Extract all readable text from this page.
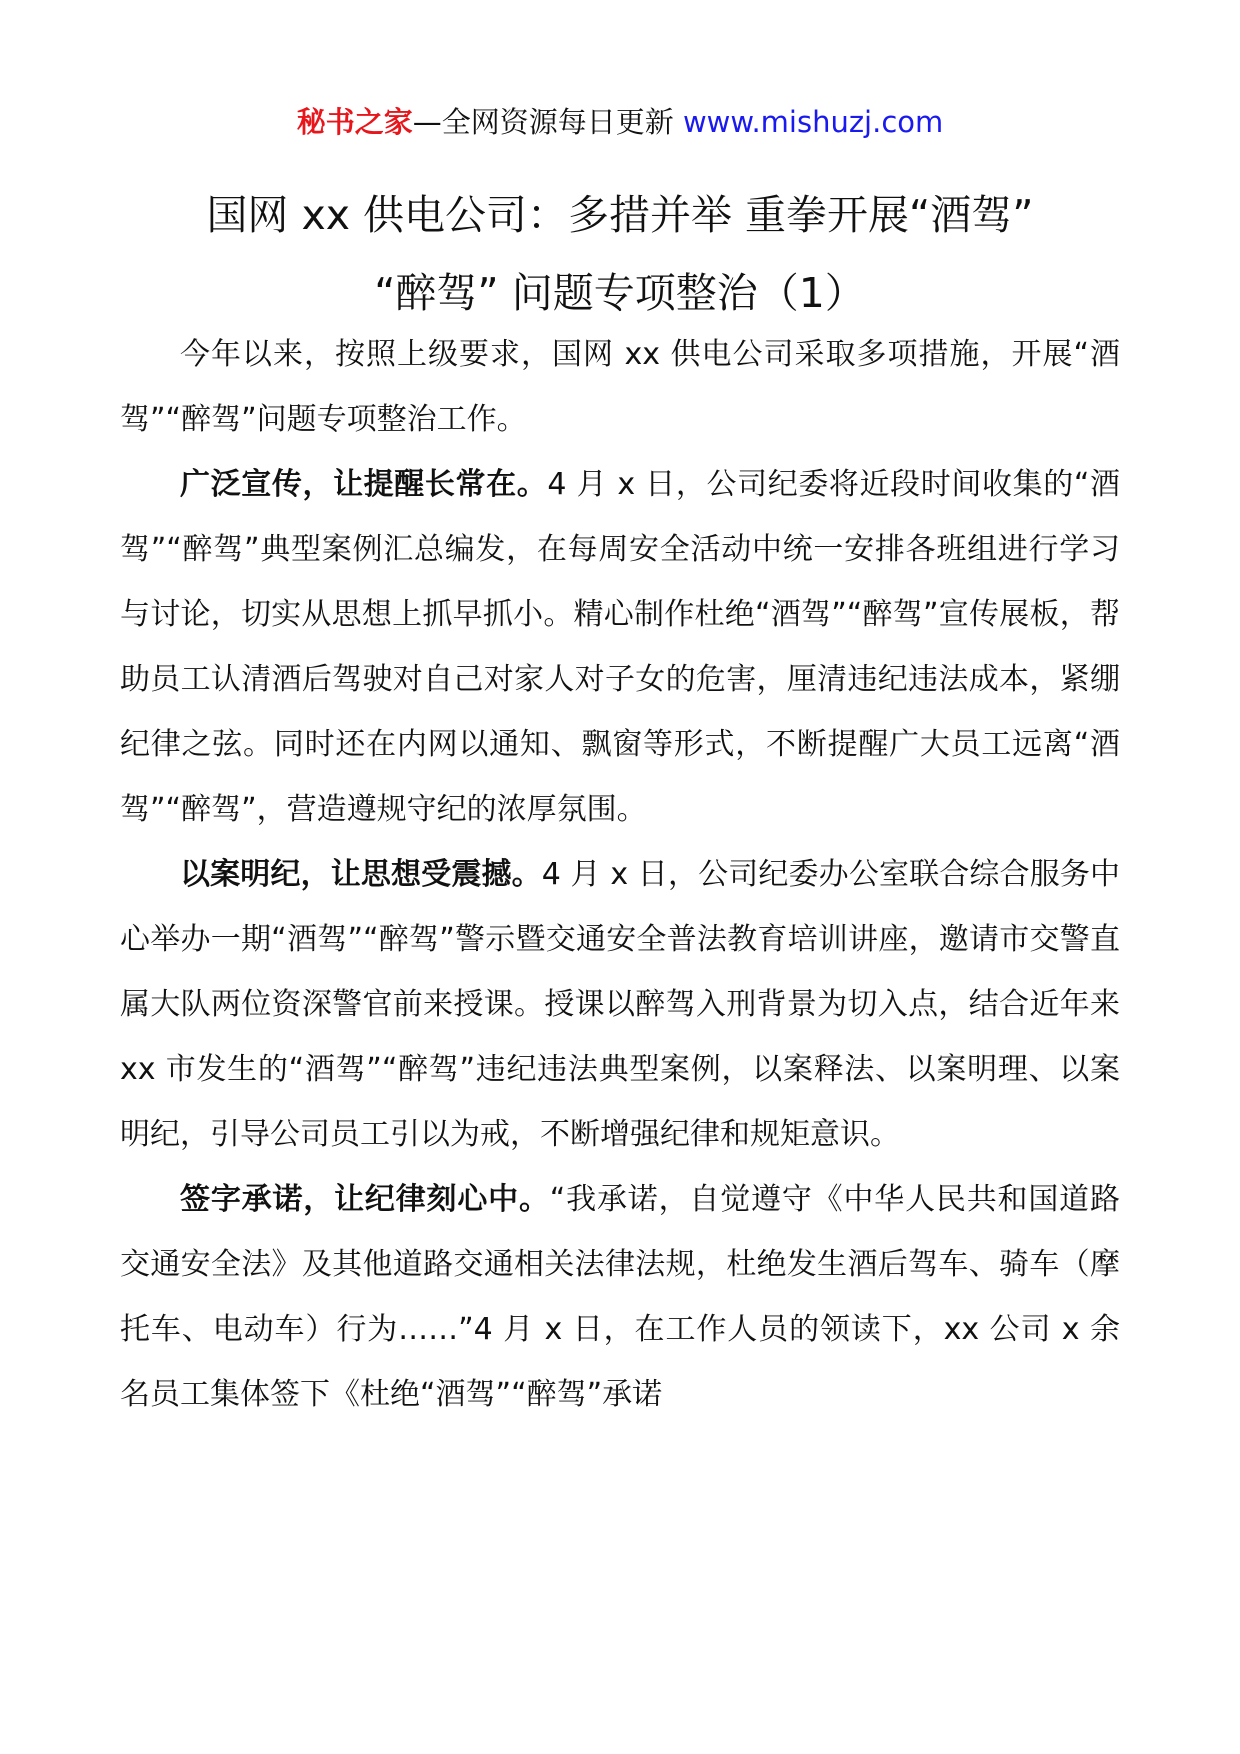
秘书之家—全网资源每日更新 www.mishuzj.com
国网 xx 供电公司：多措并举 重拳开展“酒驾”
“醉驾” 问题专项整治（1）

今年以来，按照上级要求，国网 xx 供电公司采取多项措施，开展“酒驾”“醉驾”问题专项整治工作。

广泛宣传，让提醒长常在。4 月 x 日，公司纪委将近段时间收集的“酒驾”“醉驾”典型案例汇总编发，在每周安全活动中统一安排各班组进行学习与讨论，切实从思想上抓早抓小。精心制作杜绝“酒驾”“醉驾”宣传展板，帮助员工认清酒后驾驶对自己对家人对子女的危害，厘清违纪违法成本，紧绷纪律之弦。同时还在内网以通知、飘窗等形式，不断提醒广大员工远离“酒驾”“醉驾”，营造遵规守纪的浓厚氛围。

以案明纪，让思想受震撼。4 月 x 日，公司纪委办公室联合综合服务中心举办一期“酒驾”“醉驾”警示暨交通安全普法教育培训讲座，邀请市交警直属大队两位资深警官前来授课。授课以醉驾入刑背景为切入点，结合近年来 xx 市发生的“酒驾”“醉驾”违纪违法典型案例，以案释法、以案明理、以案明纪，引导公司员工引以为戒，不断增强纪律和规矩意识。

签字承诺，让纪律刻心中。“我承诺，自觉遵守《中华人民共和国道路交通安全法》及其他道路交通相关法律法规，杜绝发生酒后驾车、骑车（摩托车、电动车）行为……”4 月 x 日，在工作人员的领读下，xx 公司 x 余名员工集体签下《杜绝“酒驾”“醉驾”承诺
